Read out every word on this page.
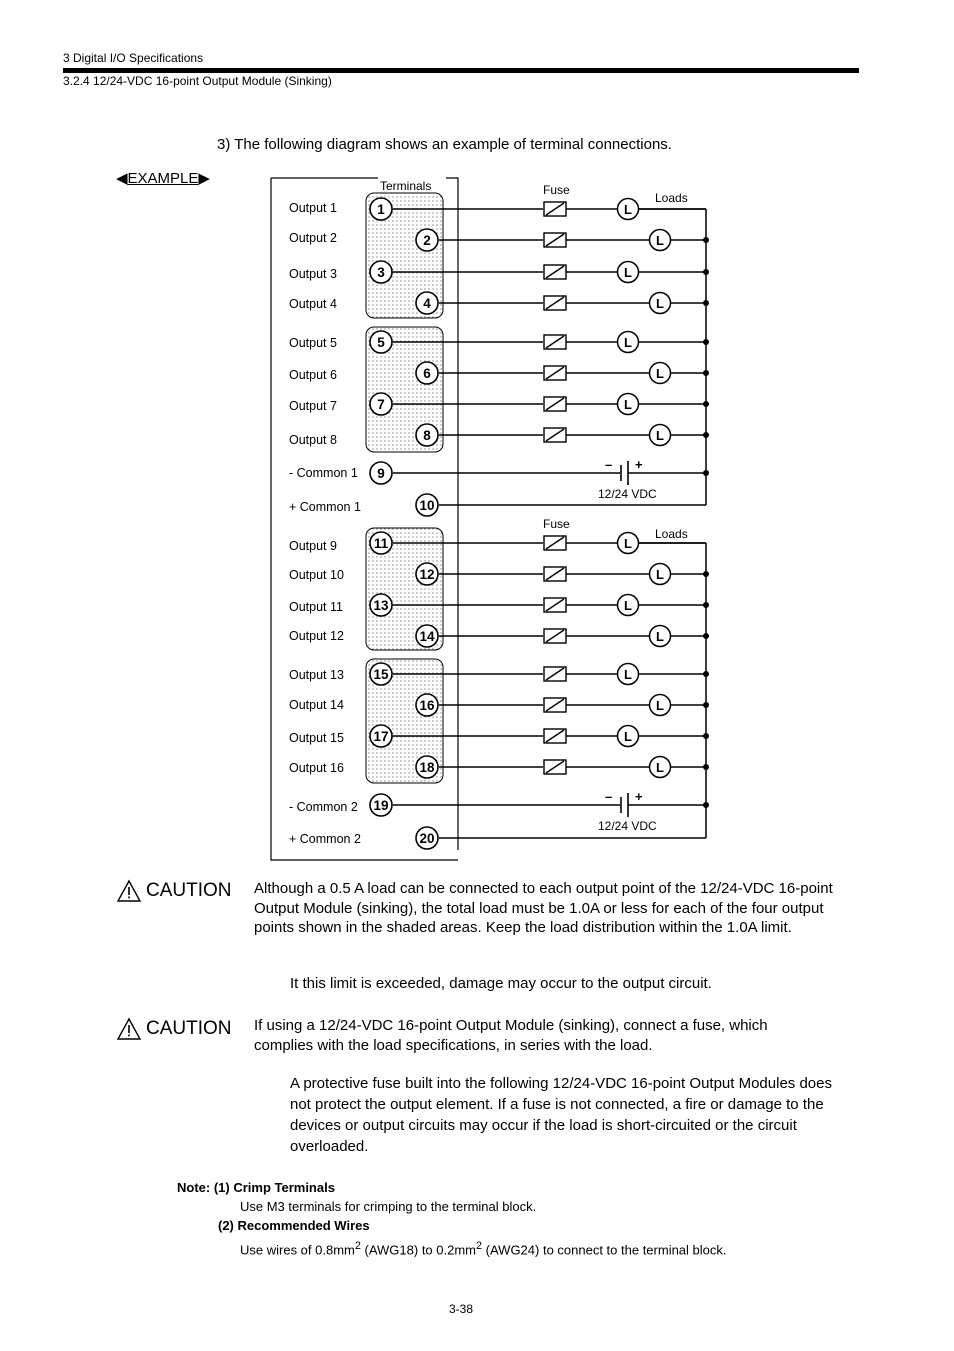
3 Digital I/O Specifications
3.2.4 12/24-VDC 16-point Output Module (Sinking)
3) The following diagram shows an example of terminal connections.
◀EXAMPLE▶	Terminals
Output 1
Output 2
Output 3
Output 4
Output 5
Output 6
Output 7
Output 8
- Common 1
+ Common 1
Output 9
Output 10
Output 11
Output 12
Output 13
Output 14
Output 15
Output 16
- Common 2
+ Common 2
Fuse
Loads
L
L
L
L
L
L
L
L
– +
12/24 VDC
Fuse
Loads
L
L
L
L
L
L
L
L
– +
12/24 VDC
1
2
3
4
5
6
7
8
9
10
11
12
13
14
15
16
17
18
19
20
CAUTION Although a 0.5 A load can be connected to each output point of the 12/24-VDC 16-point Output Module (sinking), the total load must be 1.0A or less for each of the four output points shown in the shaded areas. Keep the load distribution within the 1.0A limit.
It this limit is exceeded, damage may occur to the output circuit.
CAUTION If using a 12/24-VDC 16-point Output Module (sinking), connect a fuse, which complies with the load specifications, in series with the load.
A protective fuse built into the following 12/24-VDC 16-point Output Modules does not protect the output element. If a fuse is not connected, a fire or damage to the devices or output circuits may occur if the load is short-circuited or the circuit overloaded.
Note: (1) Crimp Terminals
Use M3 terminals for crimping to the terminal block.
(2) Recommended Wires
Use wires of $0.8mm^2$ (AWG18) to $0.2mm^2$ (AWG24) to connect to the terminal block.
3-38
